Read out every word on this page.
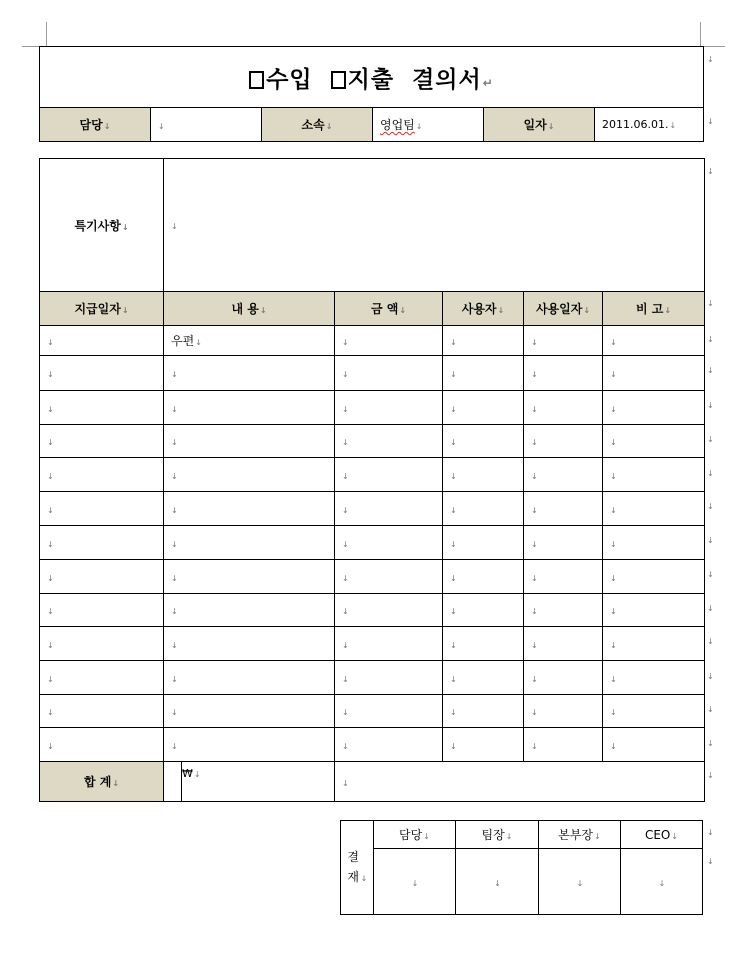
수입 지출 결의서↵
담당↓	↓	소속↓	영업팀↓	일자↓	2011.06.01.↓
특기사항↓	↓					
지급일자↓	내 용↓		금 액↓	사용자↓	사용일자↓	비 고↓
↓	우편↓		↓	↓	↓	↓
↓	↓		↓	↓	↓	↓
↓	↓		↓	↓	↓	↓
↓	↓		↓	↓	↓	↓
↓	↓		↓	↓	↓	↓
↓	↓		↓	↓	↓	↓
↓	↓		↓	↓	↓	↓
↓	↓		↓	↓	↓	↓
↓	↓		↓	↓	↓	↓
↓	↓		↓	↓	↓	↓
↓	↓		↓	↓	↓	↓
↓	↓		↓	↓	↓	↓
↓	↓		↓	↓	↓	↓
합 계↓		₩↓	↓			
결재 ↓	담당↓	팀장↓	본부장↓	CEO↓
	↓	↓	↓	↓
↓
↓
↓
↓
↓
↓
↓
↓
↓
↓
↓
↓
↓
↓
↓
↓
↓
↓
↓
↓
